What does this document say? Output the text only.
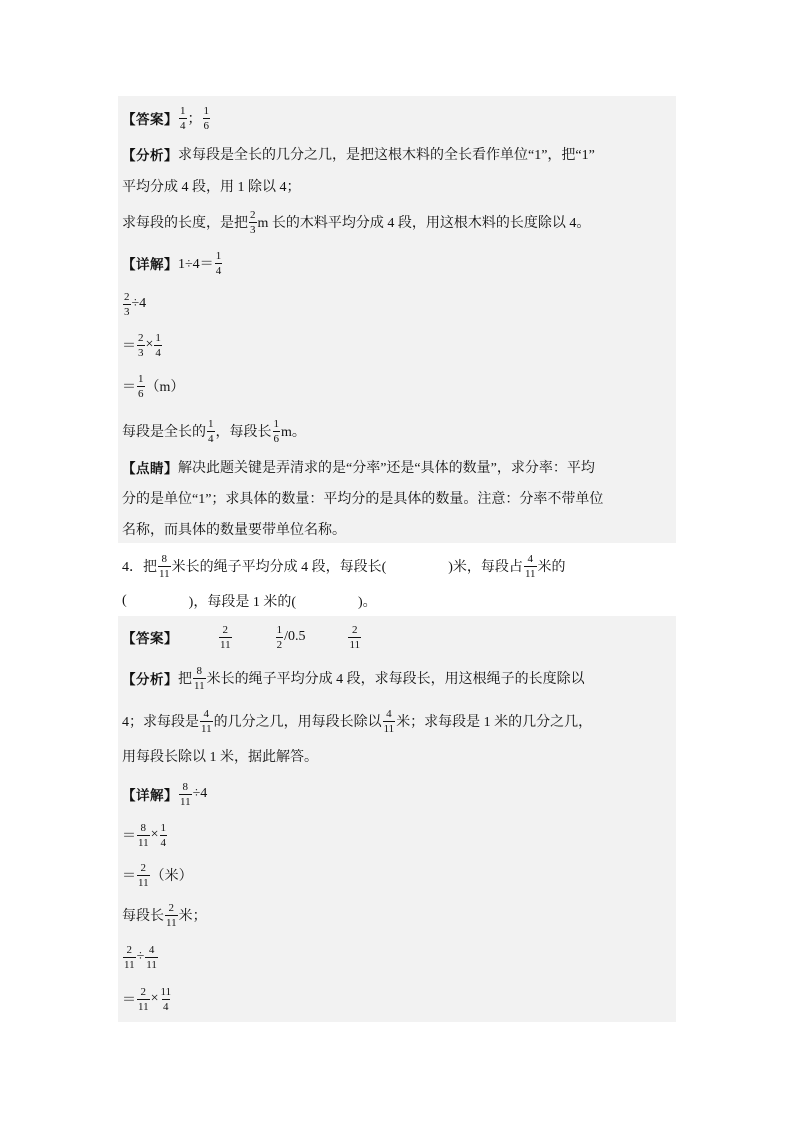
【答案】 $\frac{1}{4}$ ； $\frac{1}{6}$
【分析】 求每段是全长的几分之几，是把这根木料的全长看作单位“1”，把“1”
平均分成 4 段，用 1 除以 4；
求每段的长度，是把 $\frac{2}{3}$ m 长的木料平均分成 4 段，用这根木料的长度除以 4。
【详解】 $1\div 4= \frac{1}{4}$
$\frac{2}{3} \div 4$
＝ $\frac{2}{3} \times \frac{1}{4}$
＝ $\frac{1}{6} (m)$
每段是全长的 $\frac{1}{4}$ ，每段长 $\frac{1}{6}$ m。
【点睛】 解决此题关键是弄清求的是“分率”还是“具体的数量”，求分率：平均
分的是单位“1”；求具体的数量：平均分的是具体的数量。注意：分率不带单位
名称，而具体的数量要带单位名称。
4．把 $\frac{8}{11}$ 米长的绳子平均分成 4 段，每段长(	)米，每段占 $\frac{4}{11}$ 米的
(	)，每段是 1 米的(	)。
【答案】	$\frac{2}{11}$	$\frac{1}{2} /0.5$	$\frac{2}{11}$
【分析】 把 $\frac{8}{11}$ 米长的绳子平均分成 4 段，求每段长，用这根绳子的长度除以
4；求每段是 $\frac{4}{11}$ 的几分之几，用每段长除以 $\frac{4}{11}$ 米；求每段是 1 米的几分之几，
用每段长除以 1 米，据此解答。
【详解】 $\frac{8}{11} \div 4$
＝ $\frac{8}{11} \times \frac{1}{4}$
＝ $\frac{2}{11}$ （米）
每段长 $\frac{2}{11}$ 米；
$\frac{2}{11} \div \frac{4}{11}$
＝ $\frac{2}{11} \times \frac{11}{4}$
